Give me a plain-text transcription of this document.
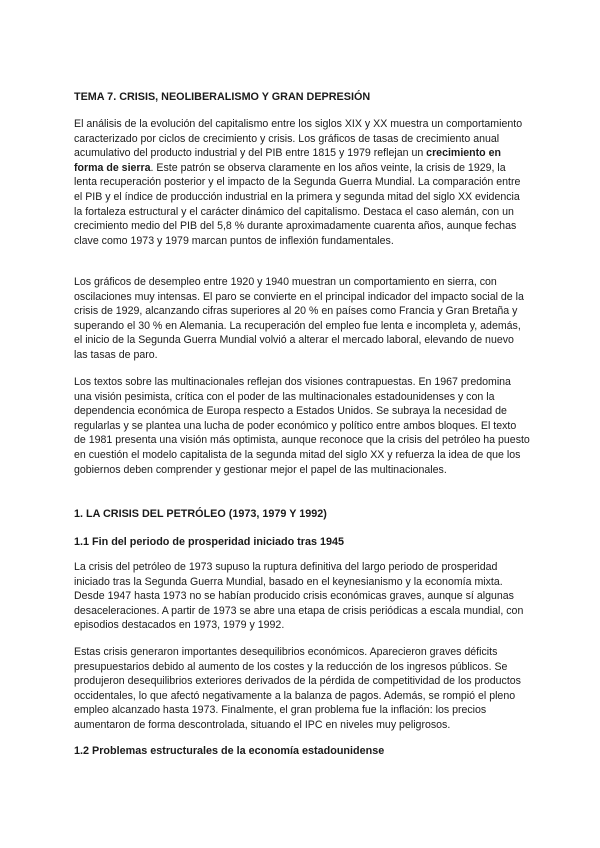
TEMA 7. CRISIS, NEOLIBERALISMO Y GRAN DEPRESIÓN

El análisis de la evolución del capitalismo entre los siglos XIX y XX muestra un comportamiento caracterizado por ciclos de crecimiento y crisis. Los gráficos de tasas de crecimiento anual acumulativo del producto industrial y del PIB entre 1815 y 1979 reflejan un crecimiento en forma de sierra. Este patrón se observa claramente en los años veinte, la crisis de 1929, la lenta recuperación posterior y el impacto de la Segunda Guerra Mundial. La comparación entre el PIB y el índice de producción industrial en la primera y segunda mitad del siglo XX evidencia la fortaleza estructural y el carácter dinámico del capitalismo. Destaca el caso alemán, con un crecimiento medio del PIB del 5,8 % durante aproximadamente cuarenta años, aunque fechas clave como 1973 y 1979 marcan puntos de inflexión fundamentales.

Los gráficos de desempleo entre 1920 y 1940 muestran un comportamiento en sierra, con oscilaciones muy intensas. El paro se convierte en el principal indicador del impacto social de la crisis de 1929, alcanzando cifras superiores al 20 % en países como Francia y Gran Bretaña y superando el 30 % en Alemania. La recuperación del empleo fue lenta e incompleta y, además, el inicio de la Segunda Guerra Mundial volvió a alterar el mercado laboral, elevando de nuevo las tasas de paro.

Los textos sobre las multinacionales reflejan dos visiones contrapuestas. En 1967 predomina una visión pesimista, crítica con el poder de las multinacionales estadounidenses y con la dependencia económica de Europa respecto a Estados Unidos. Se subraya la necesidad de regularlas y se plantea una lucha de poder económico y político entre ambos bloques. El texto de 1981 presenta una visión más optimista, aunque reconoce que la crisis del petróleo ha puesto en cuestión el modelo capitalista de la segunda mitad del siglo XX y refuerza la idea de que los gobiernos deben comprender y gestionar mejor el papel de las multinacionales.

1. LA CRISIS DEL PETRÓLEO (1973, 1979 Y 1992)
1.1 Fin del periodo de prosperidad iniciado tras 1945

La crisis del petróleo de 1973 supuso la ruptura definitiva del largo periodo de prosperidad iniciado tras la Segunda Guerra Mundial, basado en el keynesianismo y la economía mixta. Desde 1947 hasta 1973 no se habían producido crisis económicas graves, aunque sí algunas desaceleraciones. A partir de 1973 se abre una etapa de crisis periódicas a escala mundial, con episodios destacados en 1973, 1979 y 1992.

Estas crisis generaron importantes desequilibrios económicos. Aparecieron graves déficits presupuestarios debido al aumento de los costes y la reducción de los ingresos públicos. Se produjeron desequilibrios exteriores derivados de la pérdida de competitividad de los productos occidentales, lo que afectó negativamente a la balanza de pagos. Además, se rompió el pleno empleo alcanzado hasta 1973. Finalmente, el gran problema fue la inflación: los precios aumentaron de forma descontrolada, situando el IPC en niveles muy peligrosos.

1.2 Problemas estructurales de la economía estadounidense
